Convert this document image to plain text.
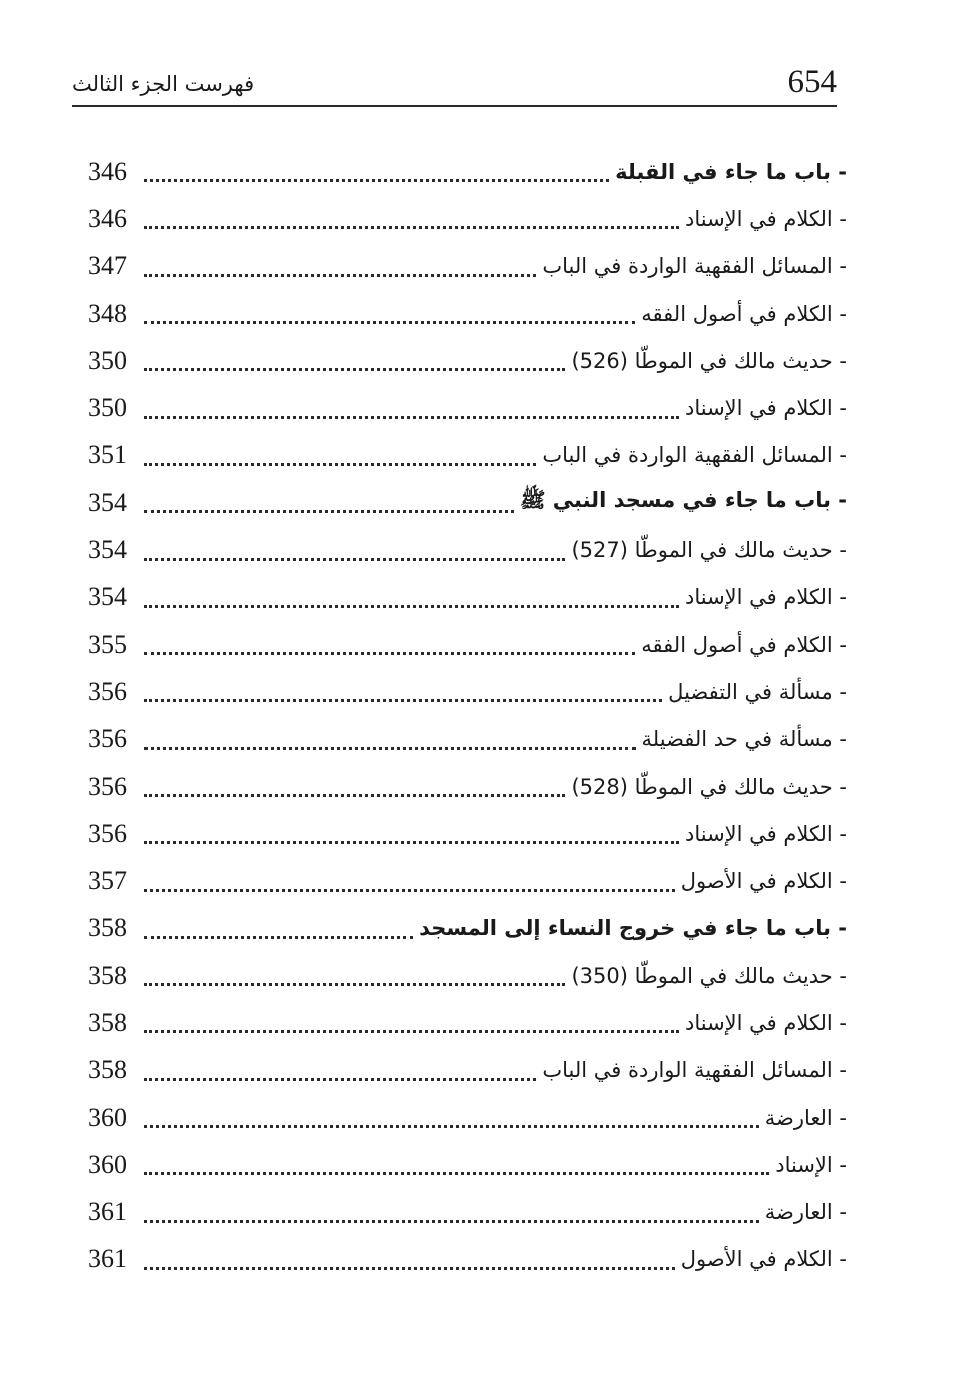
654
فهرست الجزء الثالث
346	- باب ما جاء في القبلة
346	- الكلام في الإسناد
347	- المسائل الفقهية الواردة في الباب
348	- الكلام في أصول الفقه
350	- حديث مالك في الموطّا (526)
350	- الكلام في الإسناد
351	- المسائل الفقهية الواردة في الباب
354	- باب ما جاء في مسجد النبي ﷺ
354	- حديث مالك في الموطّا (527)
354	- الكلام في الإسناد
355	- الكلام في أصول الفقه
356	- مسألة في التفضيل
356	- مسألة في حد الفضيلة
356	- حديث مالك في الموطّا (528)
356	- الكلام في الإسناد
357	- الكلام في الأصول
358	- باب ما جاء في خروج النساء إلى المسجد
358	- حديث مالك في الموطّا (350)
358	- الكلام في الإسناد
358	- المسائل الفقهية الواردة في الباب
360	- العارضة
360	- الإسناد
361	- العارضة
361	- الكلام في الأصول
